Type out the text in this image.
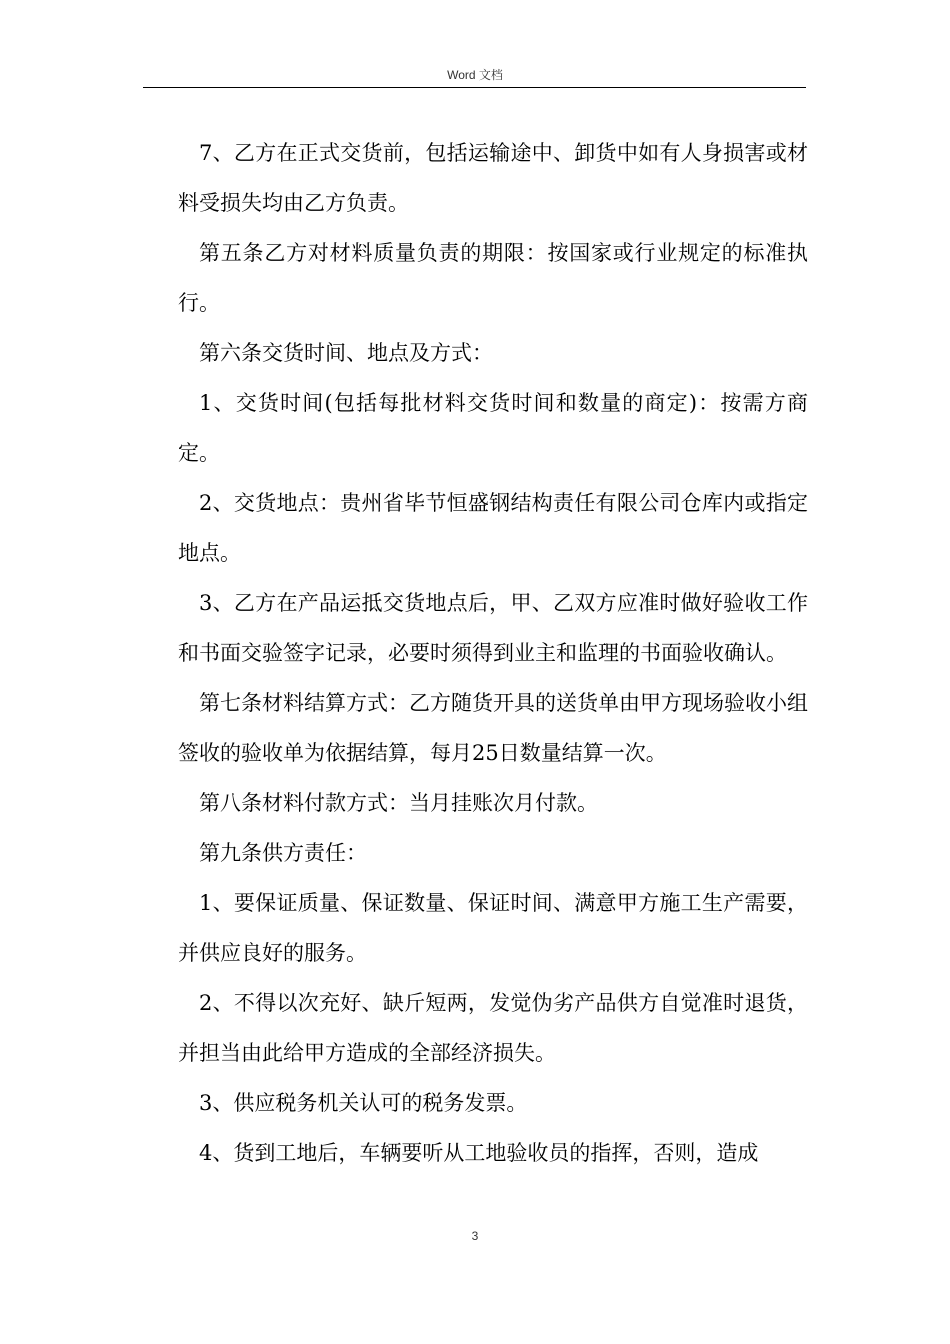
Word 文档

7、乙方在正式交货前，包括运输途中、卸货中如有人身损害或材料受损失均由乙方负责。

第五条乙方对材料质量负责的期限：按国家或行业规定的标准执行。

第六条交货时间、地点及方式：

1、交货时间(包括每批材料交货时间和数量的商定)：按需方商定。

2、交货地点：贵州省毕节恒盛钢结构责任有限公司仓库内或指定地点。

3、乙方在产品运抵交货地点后，甲、乙双方应准时做好验收工作和书面交验签字记录，必要时须得到业主和监理的书面验收确认。

第七条材料结算方式：乙方随货开具的送货单由甲方现场验收小组签收的验收单为依据结算，每月25日数量结算一次。

第八条材料付款方式：当月挂账次月付款。

第九条供方责任：

1、要保证质量、保证数量、保证时间、满意甲方施工生产需要，并供应良好的服务。

2、不得以次充好、缺斤短两，发觉伪劣产品供方自觉准时退货，并担当由此给甲方造成的全部经济损失。

3、供应税务机关认可的税务发票。

4、货到工地后，车辆要听从工地验收员的指挥，否则，造成

3
